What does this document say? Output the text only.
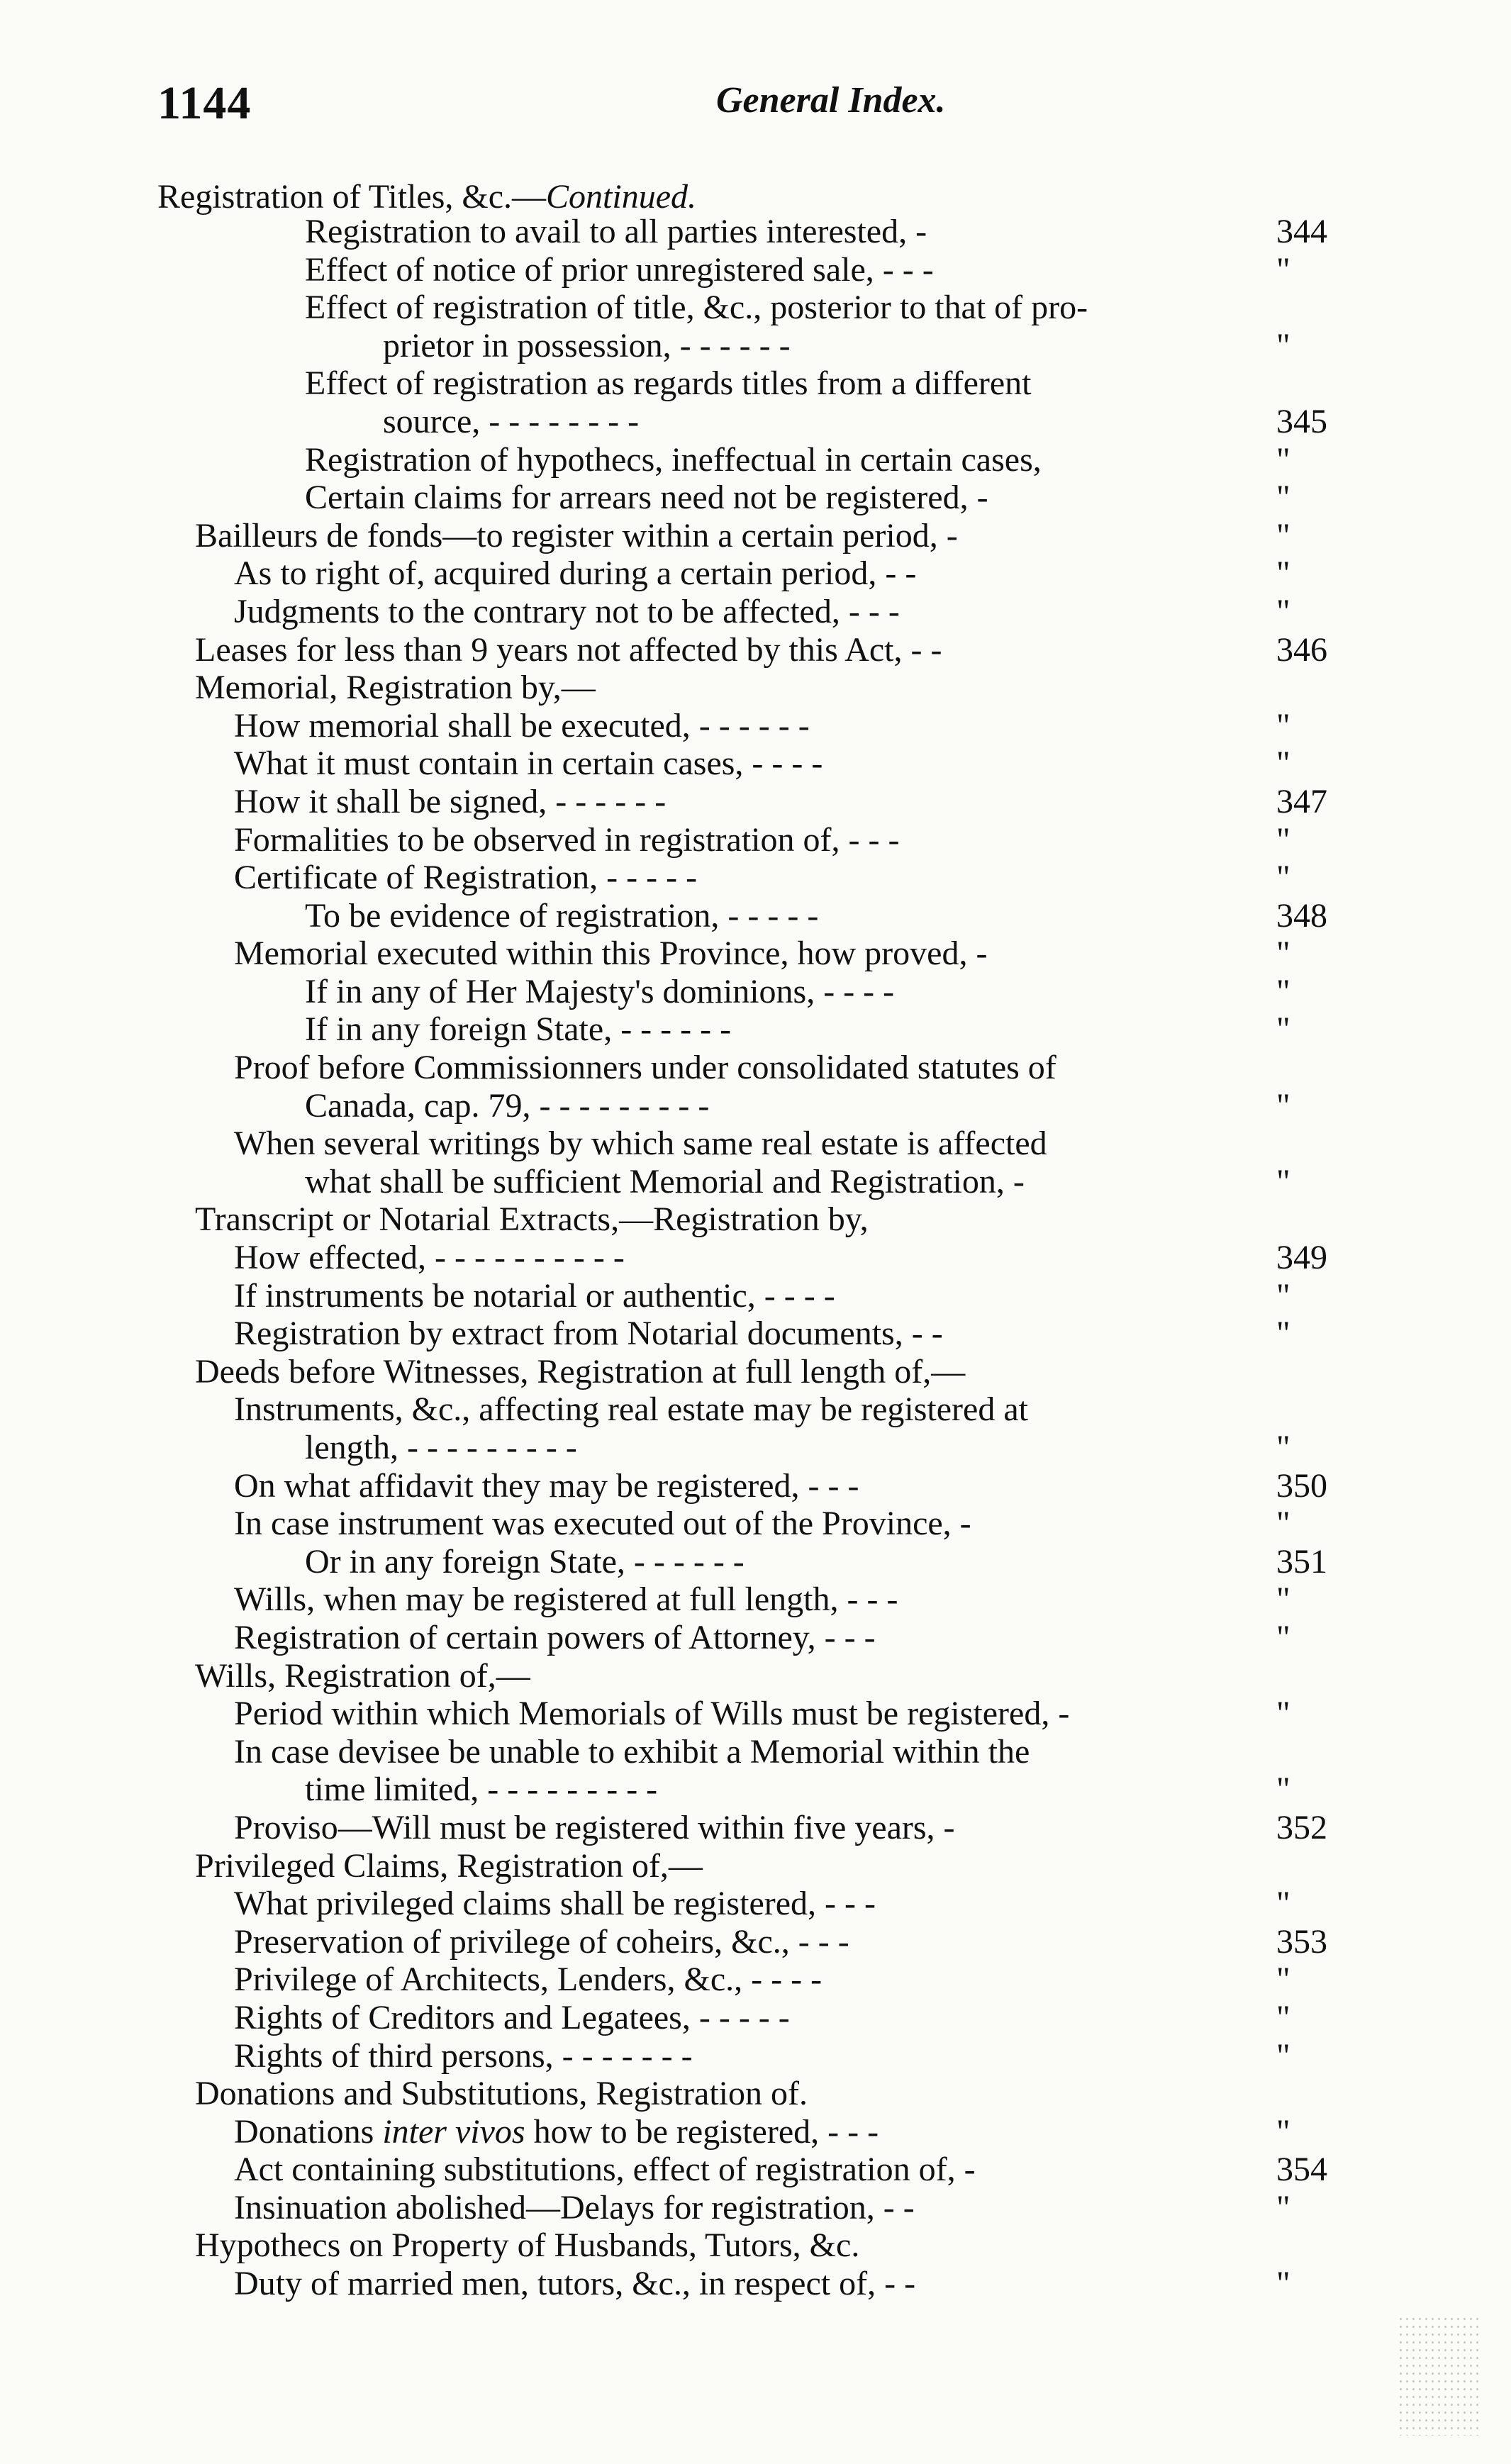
1144	General Index.
Registration of Titles, &c.—Continued.
Registration to avail to all parties interested, -	344
Effect of notice of prior unregistered sale, - - -	"
Effect of registration of title, &c., posterior to that of pro-
prietor in possession, - - - - - -	"
Effect of registration as regards titles from a different
source, - - - - - - - -	345
Registration of hypothecs, ineffectual in certain cases,	"
Certain claims for arrears need not be registered, -	"
Bailleurs de fonds—to register within a certain period, -	"
As to right of, acquired during a certain period, - -	"
Judgments to the contrary not to be affected, - - -	"
Leases for less than 9 years not affected by this Act, - -	346
Memorial, Registration by,—
How memorial shall be executed, - - - - - -	"
What it must contain in certain cases, - - - -	"
How it shall be signed, - - - - - -	347
Formalities to be observed in registration of, - - -	"
Certificate of Registration, - - - - -	"
To be evidence of registration, - - - - -	348
Memorial executed within this Province, how proved, -	"
If in any of Her Majesty's dominions, - - - -	"
If in any foreign State, - - - - - -	"
Proof before Commissionners under consolidated statutes of
Canada, cap. 79, - - - - - - - - -	"
When several writings by which same real estate is affected
what shall be sufficient Memorial and Registration, -	"
Transcript or Notarial Extracts,—Registration by,
How effected, - - - - - - - - - -	349
If instruments be notarial or authentic, - - - -	"
Registration by extract from Notarial documents, - -	"
Deeds before Witnesses, Registration at full length of,—
Instruments, &c., affecting real estate may be registered at
length, - - - - - - - - -	"
On what affidavit they may be registered, - - -	350
In case instrument was executed out of the Province, -	"
Or in any foreign State, - - - - - -	351
Wills, when may be registered at full length, - - -	"
Registration of certain powers of Attorney, - - -	"
Wills, Registration of,—
Period within which Memorials of Wills must be registered, -	"
In case devisee be unable to exhibit a Memorial within the
time limited, - - - - - - - - -	"
Proviso—Will must be registered within five years, -	352
Privileged Claims, Registration of,—
What privileged claims shall be registered, - - -	"
Preservation of privilege of coheirs, &c., - - -	353
Privilege of Architects, Lenders, &c., - - - -	"
Rights of Creditors and Legatees, - - - - -	"
Rights of third persons, - - - - - - -	"
Donations and Substitutions, Registration of.
Donations inter vivos how to be registered, - - -	"
Act containing substitutions, effect of registration of, -	354
Insinuation abolished—Delays for registration, - -	"
Hypothecs on Property of Husbands, Tutors, &c.
Duty of married men, tutors, &c., in respect of, - -	"
